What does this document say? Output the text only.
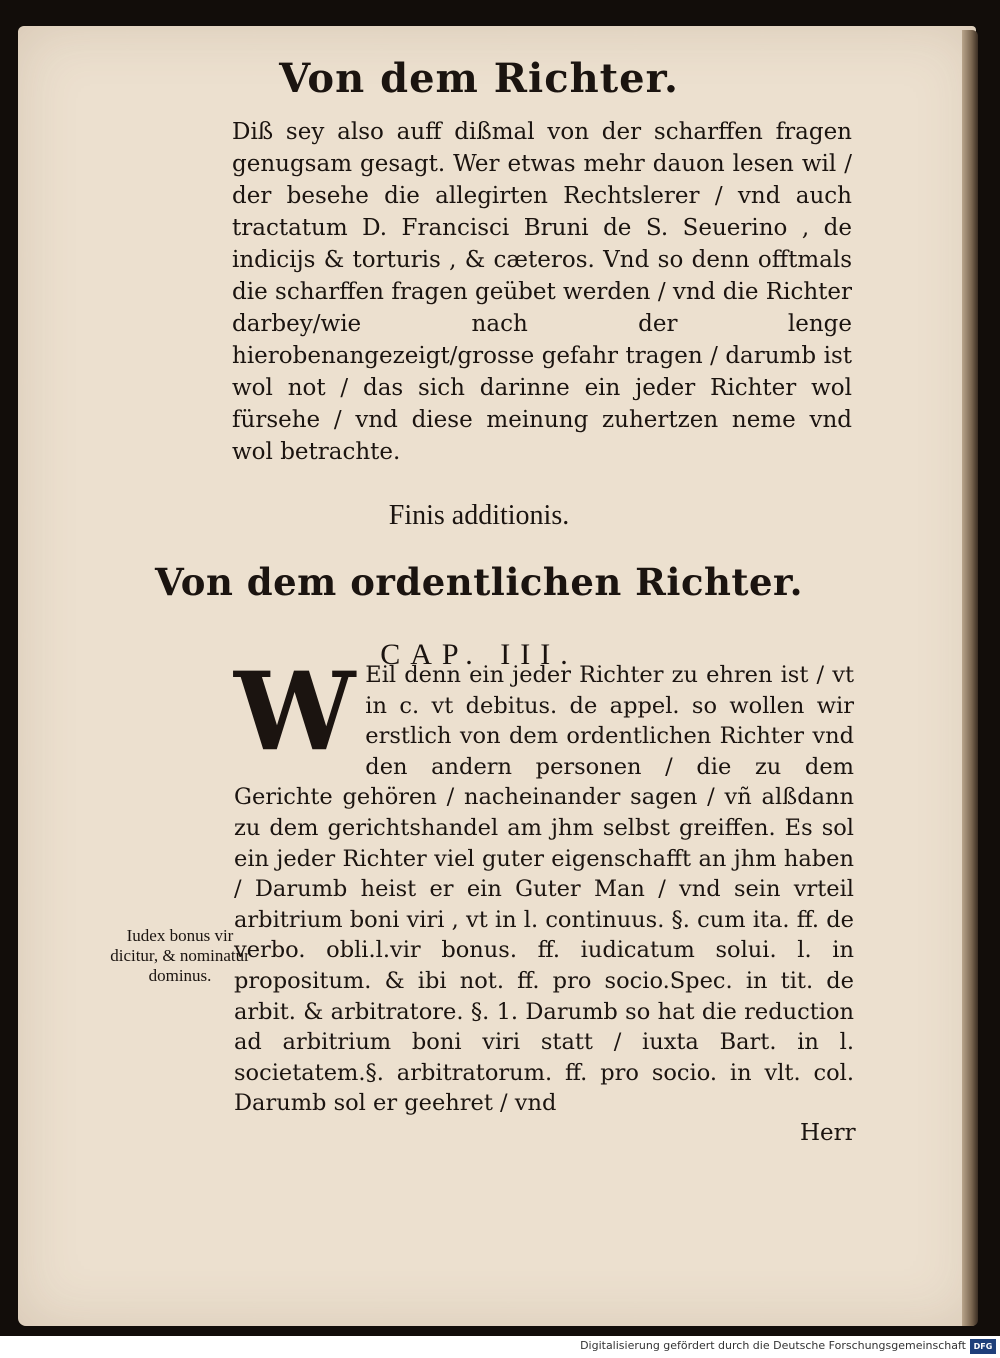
Von dem Richter.

Diß sey also auff dißmal von der scharffen fragen genugsam gesagt. Wer etwas mehr dauon lesen wil / der besehe die allegirten Rechtslerer / vnd auch tractatum D. Francisci Bruni de S. Seuerino , de indicijs & torturis , & cæteros. Vnd so denn offtmals die scharffen fragen geübet werden / vnd die Richter darbey/wie nach der lenge hierobenangezeigt/grosse gefahr tragen / darumb ist wol not / das sich darinne ein jeder Richter wol fürsehe / vnd diese meinung zuhertzen neme vnd wol betrachte.

Finis additionis.
Von dem ordentlichen Richter.
CAP. III.

W Eil denn ein jeder Richter zu ehren ist / vt in c. vt debitus. de appel. so wollen wir erstlich von dem ordentlichen Richter vnd den andern personen / die zu dem Gerichte gehören / nacheinander sagen / vñ alßdann zu dem gerichtshandel am jhm selbst greiffen. Es sol ein jeder Richter viel guter eigenschafft an jhm haben / Darumb heist er ein Guter Man / vnd sein vrteil arbitrium boni viri , vt in l. continuus. §. cum ita. ff. de verbo. obli.l.vir bonus. ff. iudicatum solui. l. in propositum. & ibi not. ff. pro socio.Spec. in tit. de arbit. & arbitratore. §. 1. Darumb so hat die reduction ad arbitrium boni viri statt / iuxta Bart. in l. societatem.§. arbitratorum. ff. pro socio. in vlt. col. Darumb sol er geehret / vnd

Iudex bonus vir dicitur, & nominatur dominus.
Herr
Digitalisierung gefördert durch die Deutsche Forschungsgemeinschaft DFG
